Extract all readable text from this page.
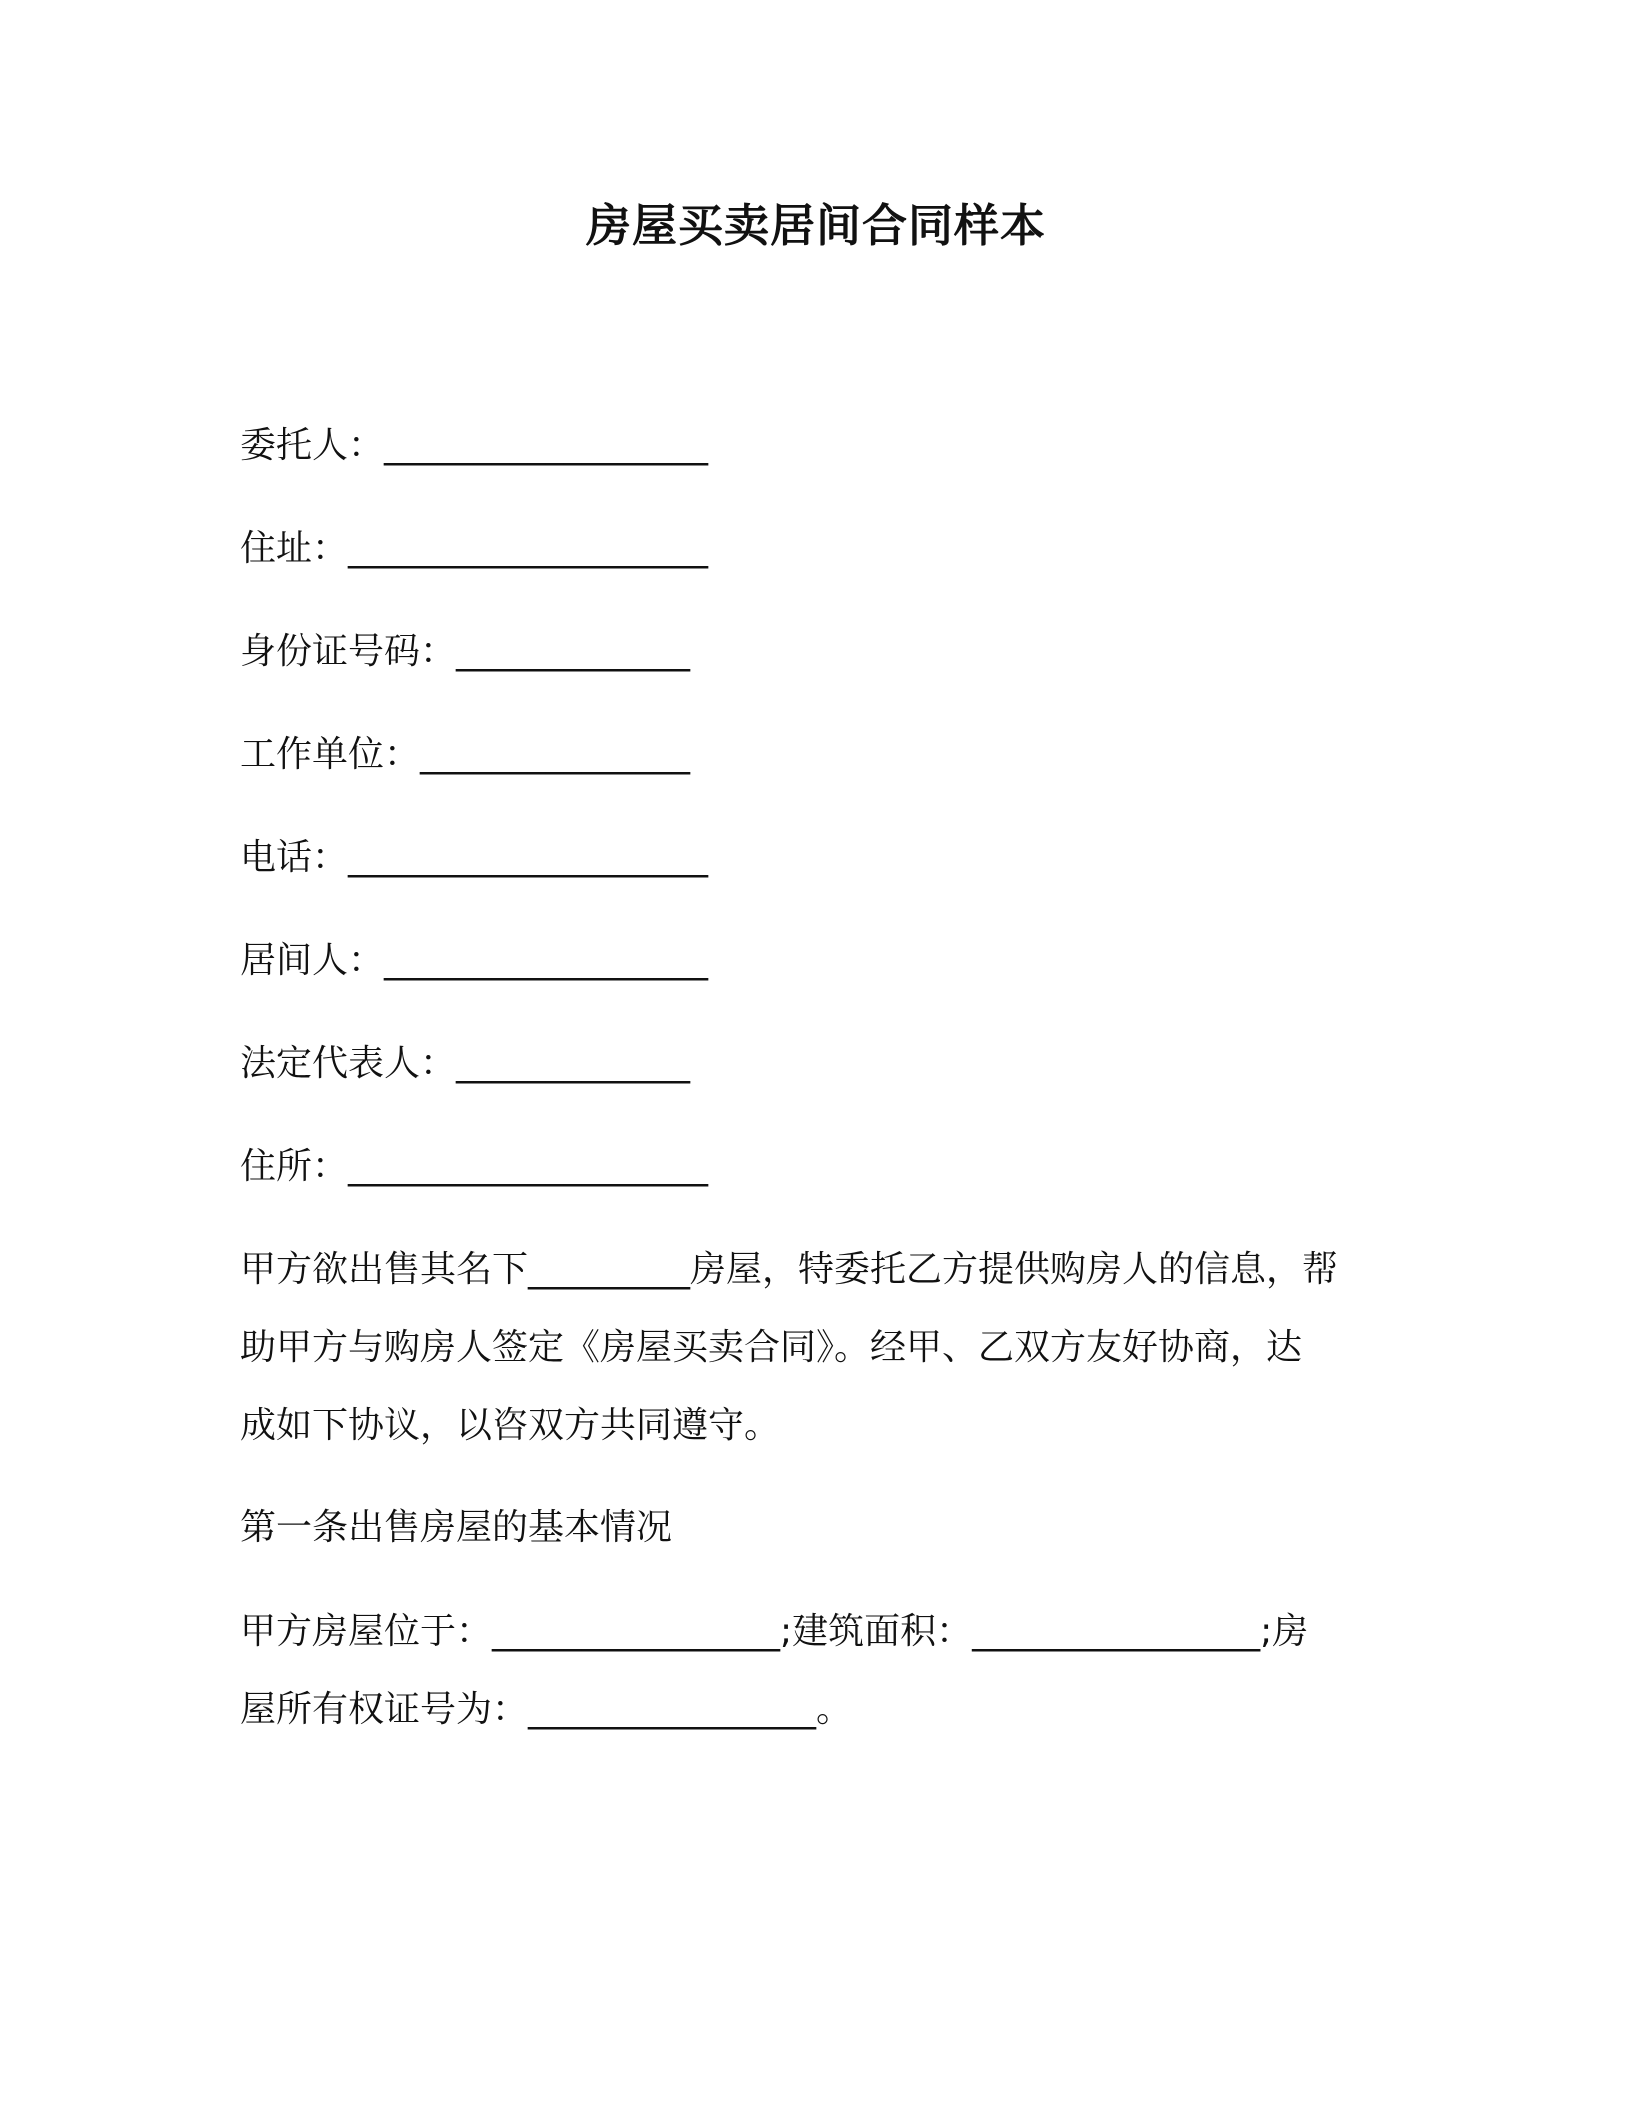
房屋买卖居间合同样本
委托人：__________________
住址：____________________
身份证号码：_____________
工作单位：_______________
电话：____________________
居间人：__________________
法定代表人：_____________
住所：____________________
甲方欲出售其名下_________房屋，特委托乙方提供购房人的信息，帮
助甲方与购房人签定《房屋买卖合同》。经甲、乙双方友好协商，达
成如下协议，以咨双方共同遵守。
第一条出售房屋的基本情况
甲方房屋位于：________________;建筑面积：________________;房
屋所有权证号为：________________。
